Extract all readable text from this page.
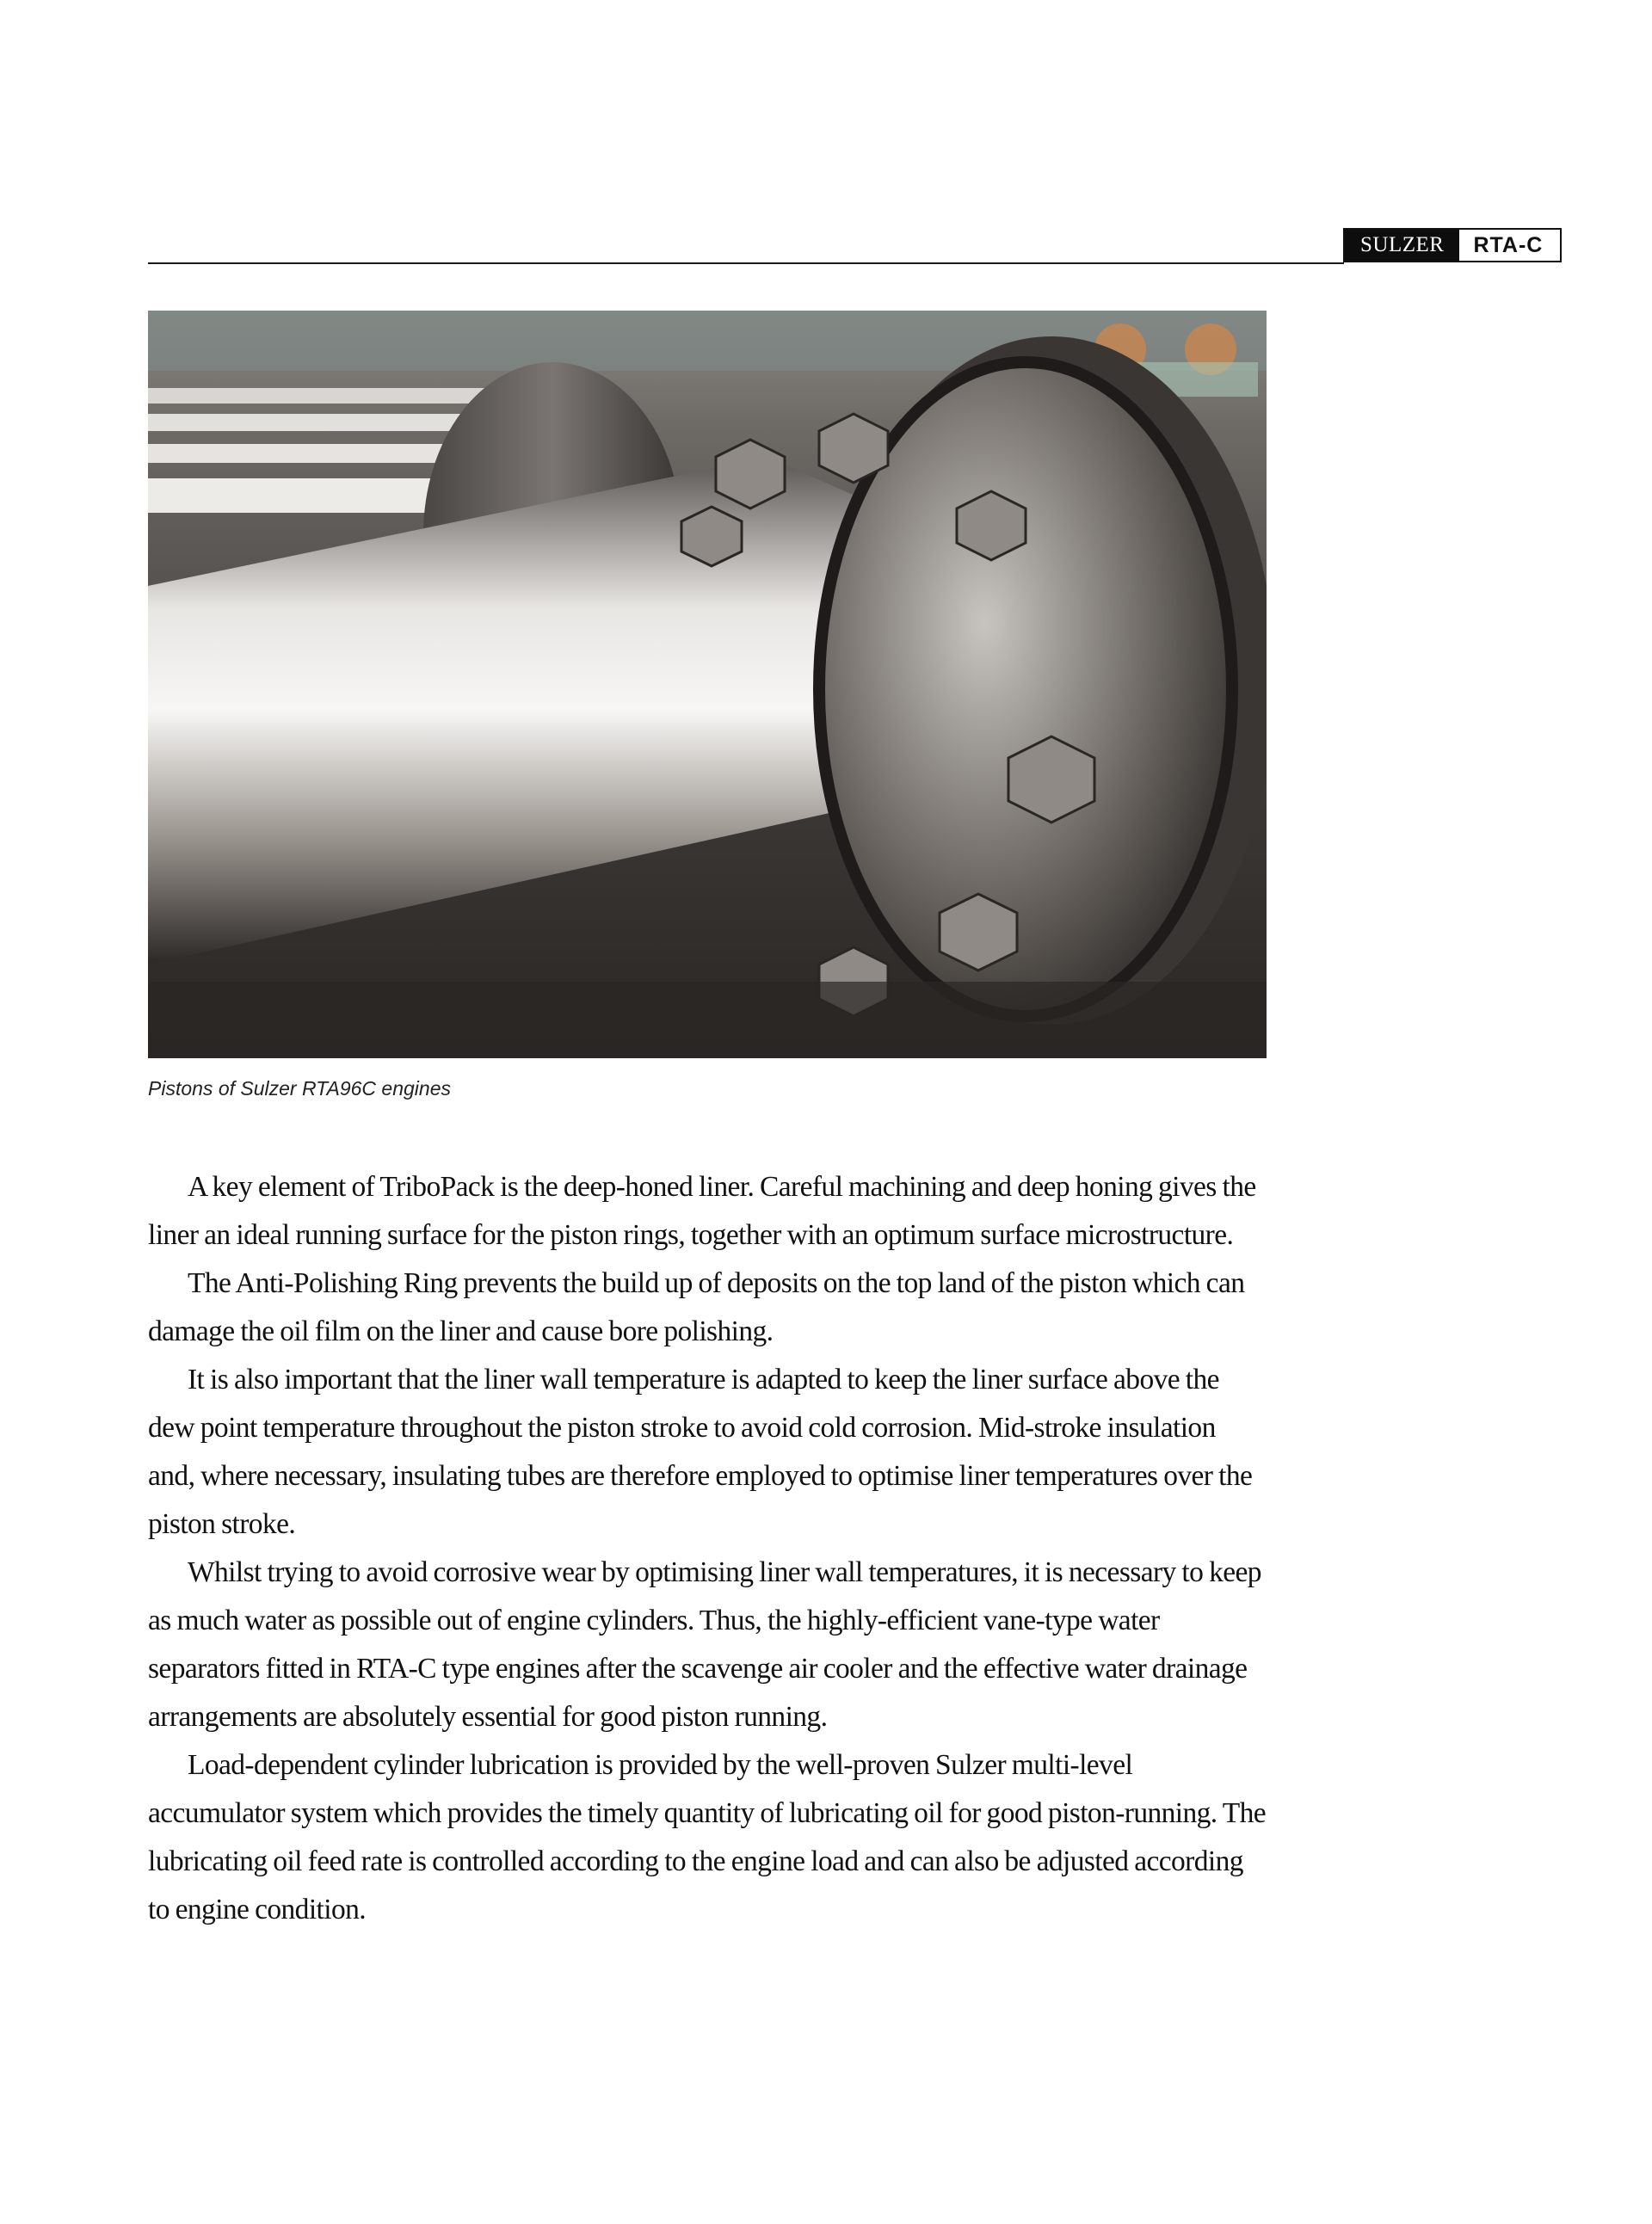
SULZER	RTA-C
Pistons of Sulzer RTA96C engines

A key element of TriboPack is the deep-honed liner. Careful machining and deep honing gives the liner an ideal running surface for the piston rings, together with an optimum surface microstructure.

The Anti-Polishing Ring prevents the build up of deposits on the top land of the piston which can damage the oil film on the liner and cause bore polishing.

It is also important that the liner wall temperature is adapted to keep the liner surface above the dew point temperature throughout the piston stroke to avoid cold corrosion. Mid-stroke insulation and, where necessary, insulating tubes are therefore employed to optimise liner temperatures over the piston stroke.

Whilst trying to avoid corrosive wear by optimising liner wall temperatures, it is necessary to keep as much water as possible out of engine cylinders. Thus, the highly-efficient vane-type water separators fitted in RTA-C type engines after the scavenge air cooler and the effective water drainage arrangements are absolutely essential for good piston running.

Load-dependent cylinder lubrication is provided by the well-proven Sulzer multi-level accumulator system which provides the timely quantity of lubricating oil for good piston-running. The lubricating oil feed rate is controlled according to the engine load and can also be adjusted according to engine condition.
